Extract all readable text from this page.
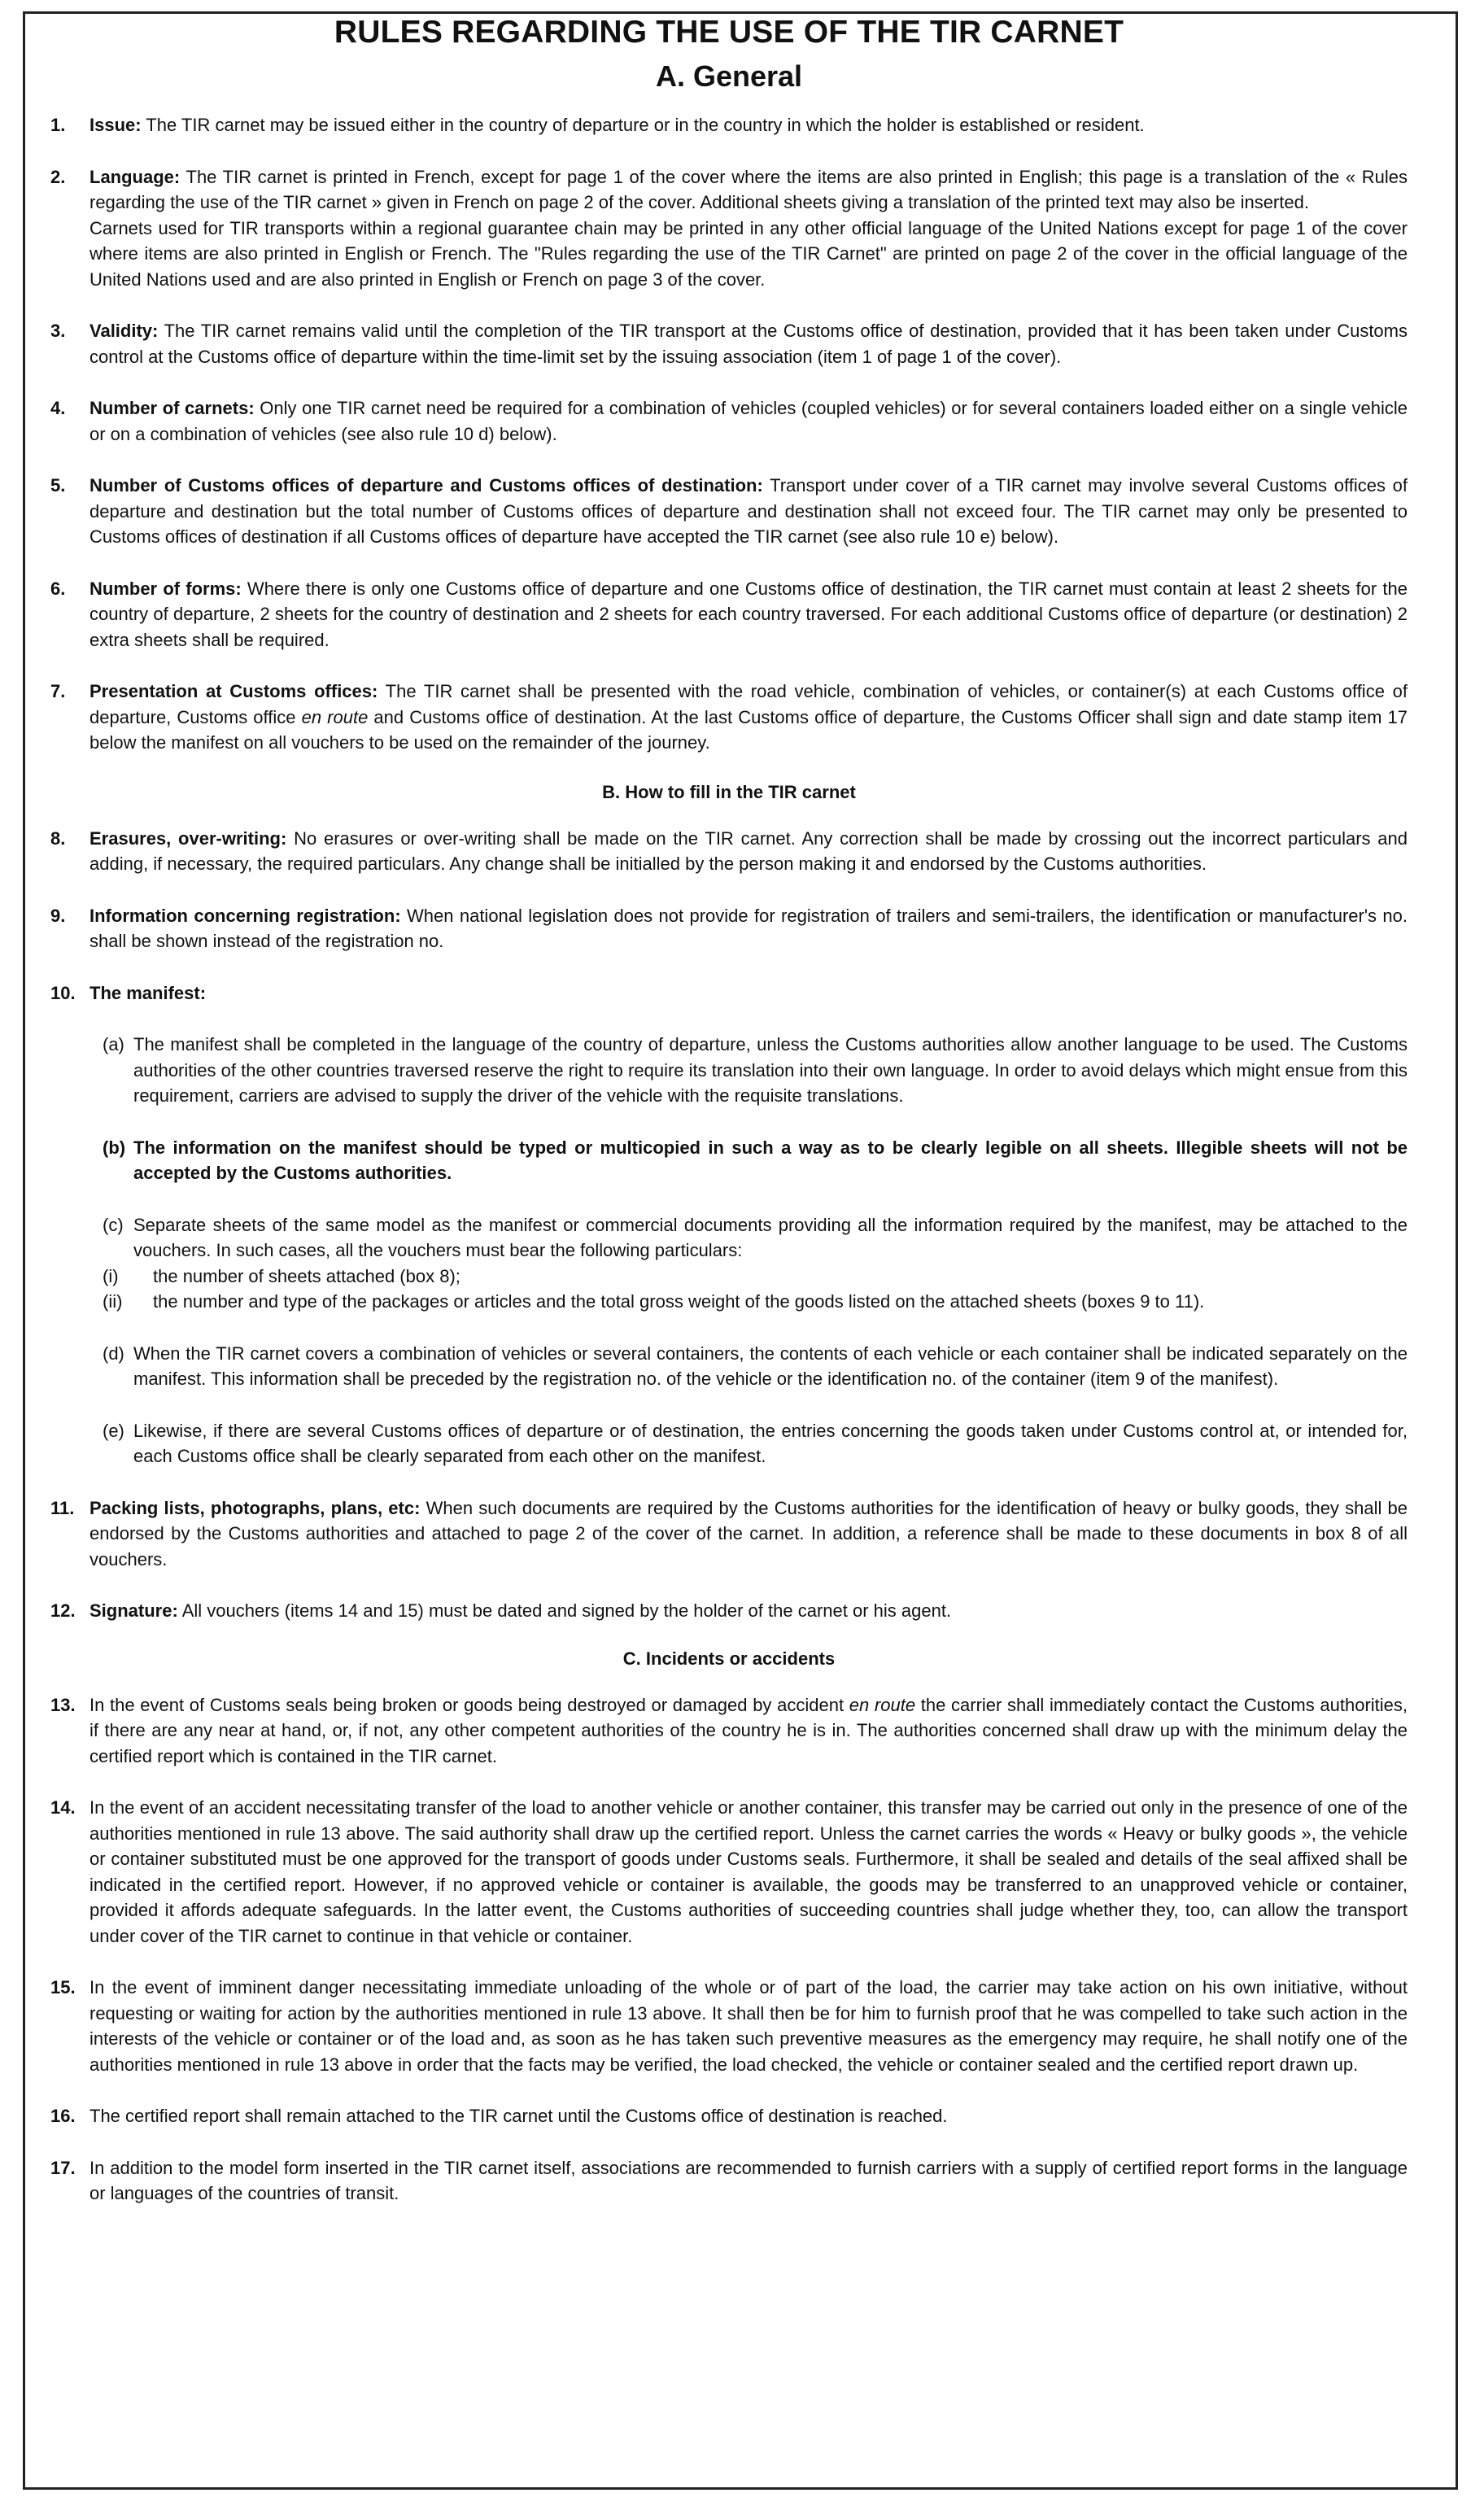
RULES REGARDING THE USE OF THE TIR CARNET
A. General
1. Issue: The TIR carnet may be issued either in the country of departure or in the country in which the holder is established or resident.
2. Language: The TIR carnet is printed in French, except for page 1 of the cover where the items are also printed in English; this page is a translation of the « Rules regarding the use of the TIR carnet » given in French on page 2 of the cover. Additional sheets giving a translation of the printed text may also be inserted.
Carnets used for TIR transports within a regional guarantee chain may be printed in any other official language of the United Nations except for page 1 of the cover where items are also printed in English or French. The "Rules regarding the use of the TIR Carnet" are printed on page 2 of the cover in the official language of the United Nations used and are also printed in English or French on page 3 of the cover.
3. Validity: The TIR carnet remains valid until the completion of the TIR transport at the Customs office of destination, provided that it has been taken under Customs control at the Customs office of departure within the time-limit set by the issuing association (item 1 of page 1 of the cover).
4. Number of carnets: Only one TIR carnet need be required for a combination of vehicles (coupled vehicles) or for several containers loaded either on a single vehicle or on a combination of vehicles (see also rule 10 d) below).
5. Number of Customs offices of departure and Customs offices of destination: Transport under cover of a TIR carnet may involve several Customs offices of departure and destination but the total number of Customs offices of departure and destination shall not exceed four. The TIR carnet may only be presented to Customs offices of destination if all Customs offices of departure have accepted the TIR carnet (see also rule 10 e) below).
6. Number of forms: Where there is only one Customs office of departure and one Customs office of destination, the TIR carnet must contain at least 2 sheets for the country of departure, 2 sheets for the country of destination and 2 sheets for each country traversed. For each additional Customs office of departure (or destination) 2 extra sheets shall be required.
7. Presentation at Customs offices: The TIR carnet shall be presented with the road vehicle, combination of vehicles, or container(s) at each Customs office of departure, Customs office en route and Customs office of destination. At the last Customs office of departure, the Customs Officer shall sign and date stamp item 17 below the manifest on all vouchers to be used on the remainder of the journey.
B. How to fill in the TIR carnet
8. Erasures, over-writing: No erasures or over-writing shall be made on the TIR carnet. Any correction shall be made by crossing out the incorrect particulars and adding, if necessary, the required particulars. Any change shall be initialled by the person making it and endorsed by the Customs authorities.
9. Information concerning registration: When national legislation does not provide for registration of trailers and semi-trailers, the identification or manufacturer's no. shall be shown instead of the registration no.
10. The manifest:
(a) The manifest shall be completed in the language of the country of departure, unless the Customs authorities allow another language to be used. The Customs authorities of the other countries traversed reserve the right to require its translation into their own language. In order to avoid delays which might ensue from this requirement, carriers are advised to supply the driver of the vehicle with the requisite translations.
(b) The information on the manifest should be typed or multicopied in such a way as to be clearly legible on all sheets. Illegible sheets will not be accepted by the Customs authorities.
(c) Separate sheets of the same model as the manifest or commercial documents providing all the information required by the manifest, may be attached to the vouchers. In such cases, all the vouchers must bear the following particulars:
(i) the number of sheets attached (box 8);
(ii) the number and type of the packages or articles and the total gross weight of the goods listed on the attached sheets (boxes 9 to 11).
(d) When the TIR carnet covers a combination of vehicles or several containers, the contents of each vehicle or each container shall be indicated separately on the manifest. This information shall be preceded by the registration no. of the vehicle or the identification no. of the container (item 9 of the manifest).
(e) Likewise, if there are several Customs offices of departure or of destination, the entries concerning the goods taken under Customs control at, or intended for, each Customs office shall be clearly separated from each other on the manifest.
11. Packing lists, photographs, plans, etc: When such documents are required by the Customs authorities for the identification of heavy or bulky goods, they shall be endorsed by the Customs authorities and attached to page 2 of the cover of the carnet. In addition, a reference shall be made to these documents in box 8 of all vouchers.
12. Signature: All vouchers (items 14 and 15) must be dated and signed by the holder of the carnet or his agent.
C. Incidents or accidents
13. In the event of Customs seals being broken or goods being destroyed or damaged by accident en route the carrier shall immediately contact the Customs authorities, if there are any near at hand, or, if not, any other competent authorities of the country he is in. The authorities concerned shall draw up with the minimum delay the certified report which is contained in the TIR carnet.
14. In the event of an accident necessitating transfer of the load to another vehicle or another container, this transfer may be carried out only in the presence of one of the authorities mentioned in rule 13 above. The said authority shall draw up the certified report. Unless the carnet carries the words « Heavy or bulky goods », the vehicle or container substituted must be one approved for the transport of goods under Customs seals. Furthermore, it shall be sealed and details of the seal affixed shall be indicated in the certified report. However, if no approved vehicle or container is available, the goods may be transferred to an unapproved vehicle or container, provided it affords adequate safeguards. In the latter event, the Customs authorities of succeeding countries shall judge whether they, too, can allow the transport under cover of the TIR carnet to continue in that vehicle or container.
15. In the event of imminent danger necessitating immediate unloading of the whole or of part of the load, the carrier may take action on his own initiative, without requesting or waiting for action by the authorities mentioned in rule 13 above. It shall then be for him to furnish proof that he was compelled to take such action in the interests of the vehicle or container or of the load and, as soon as he has taken such preventive measures as the emergency may require, he shall notify one of the authorities mentioned in rule 13 above in order that the facts may be verified, the load checked, the vehicle or container sealed and the certified report drawn up.
16. The certified report shall remain attached to the TIR carnet until the Customs office of destination is reached.
17. In addition to the model form inserted in the TIR carnet itself, associations are recommended to furnish carriers with a supply of certified report forms in the language or languages of the countries of transit.
